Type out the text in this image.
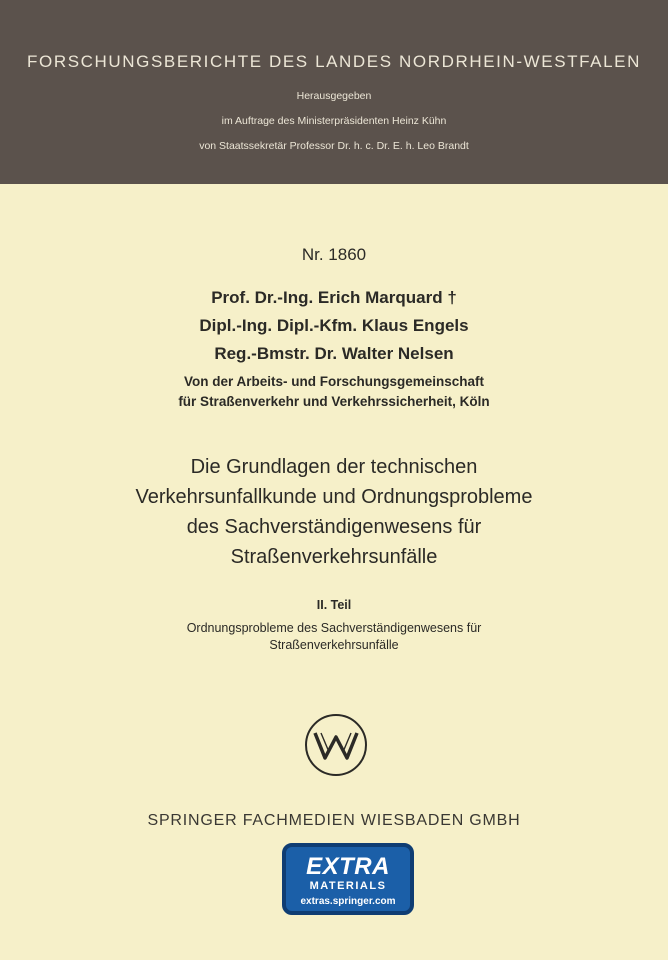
FORSCHUNGSBERICHTE DES LANDES NORDRHEIN-WESTFALEN
Herausgegeben
im Auftrage des Ministerpräsidenten Heinz Kühn
von Staatssekretär Professor Dr. h. c. Dr. E. h. Leo Brandt
Nr. 1860
Prof. Dr.-Ing. Erich Marquard †
Dipl.-Ing. Dipl.-Kfm. Klaus Engels
Reg.-Bmstr. Dr. Walter Nelsen
Von der Arbeits- und Forschungsgemeinschaft
für Straßenverkehr und Verkehrssicherheit, Köln
Die Grundlagen der technischen
Verkehrsunfallkunde und Ordnungsprobleme
des Sachverständigenwesens für
Straßenverkehrsunfälle
II. Teil
Ordnungsprobleme des Sachverständigenwesens für
Straßenverkehrsunfälle
SPRINGER FACHMEDIEN WIESBADEN GMBH
EXTRA
MATERIALS
extras.springer.com
